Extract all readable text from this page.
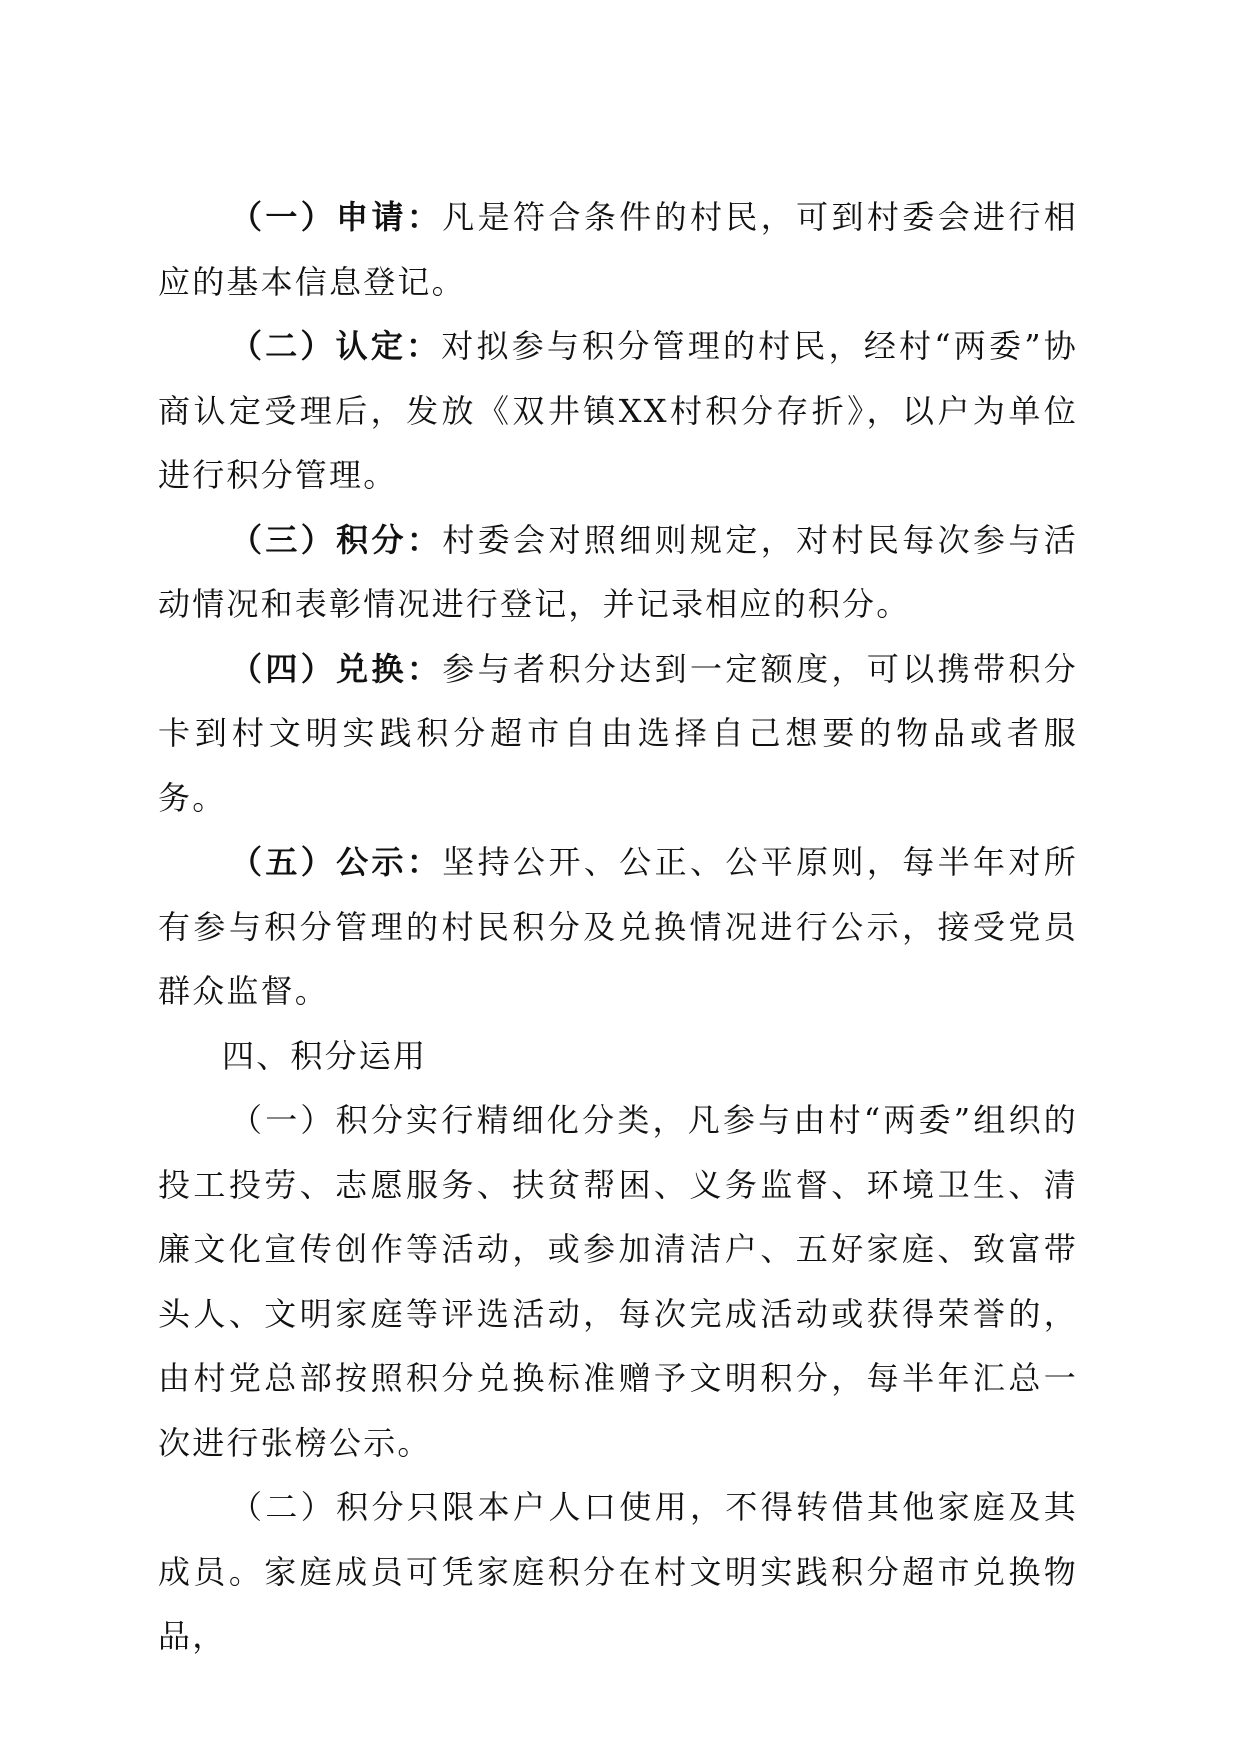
（一）申请：凡是符合条件的村民，可到村委会进行相应的基本信息登记。

（二）认定：对拟参与积分管理的村民，经村“两委”协商认定受理后，发放《双井镇XX村积分存折》，以户为单位进行积分管理。

（三）积分：村委会对照细则规定，对村民每次参与活动情况和表彰情况进行登记，并记录相应的积分。

（四）兑换：参与者积分达到一定额度，可以携带积分卡到村文明实践积分超市自由选择自己想要的物品或者服务。

（五）公示：坚持公开、公正、公平原则，每半年对所有参与积分管理的村民积分及兑换情况进行公示，接受党员群众监督。

四、积分运用

（一）积分实行精细化分类，凡参与由村“两委”组织的投工投劳、志愿服务、扶贫帮困、义务监督、环境卫生、清廉文化宣传创作等活动，或参加清洁户、五好家庭、致富带头人、文明家庭等评选活动，每次完成活动或获得荣誉的，由村党总部按照积分兑换标准赠予文明积分，每半年汇总一次进行张榜公示。

（二）积分只限本户人口使用，不得转借其他家庭及其成员。家庭成员可凭家庭积分在村文明实践积分超市兑换物品，
